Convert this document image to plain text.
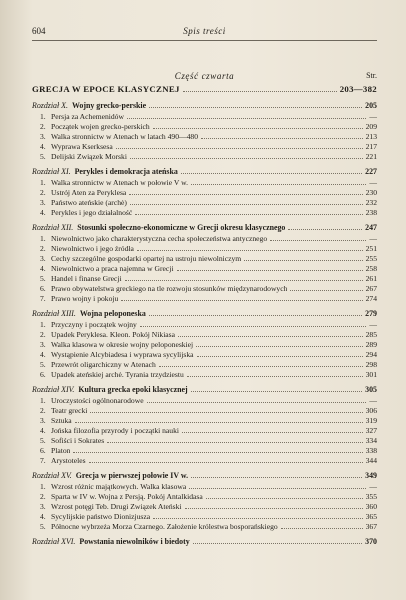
604	Spis treści
Część czwarta	Str.
GRECJA W EPOCE KLASYCZNEJ	203—382
Rozdział X. Wojny grecko-perskie	205
1. Persja za Achemenidów	—
2. Początek wojen grecko-perskich	209
3. Walka stronnictw w Atenach w latach 490—480	213
4. Wyprawa Kserksesa	217
5. Delijski Związek Morski	221
Rozdział XI. Perykles i demokracja ateńska	227
1. Walka stronnictw w Atenach w połowie V w.	—
2. Ustrój Aten za Peryklesa	230
3. Państwo ateńskie (archė)	232
4. Perykles i jego działalność	238
Rozdział XII. Stosunki społeczno-ekonomiczne w Grecji okresu klasycznego	247
1. Niewolnictwo jako charakterystyczna cecha społeczeństwa antycznego	—
2. Niewolnictwo i jego źródła	251
3. Cechy szczególne gospodarki opartej na ustroju niewolniczym	255
4. Niewolnictwo a praca najemna w Grecji	258
5. Handel i finanse Grecji	261
6. Prawo obywatelstwa greckiego na tle rozwoju stosunków międzynarodowych	267
7. Prawo wojny i pokoju	274
Rozdział XIII. Wojna peloponeska	279
1. Przyczyny i początek wojny	—
2. Upadek Peryklesa. Kleon. Pokój Nikiasa	285
3. Walka klasowa w okresie wojny peloponeskiej	289
4. Wystąpienie Alcybiadesa i wyprawa sycylijska	294
5. Przewrót oligarchiczny w Atenach	298
6. Upadek ateńskiej archė. Tyrania trzydziestu	301
Rozdział XIV. Kultura grecka epoki klasycznej	305
1. Uroczystości ogólnonarodowe	—
2. Teatr grecki	306
3. Sztuka	319
4. Jońska filozofia przyrody i początki nauki	327
5. Sofiści i Sokrates	334
6. Platon	338
7. Arystoteles	344
Rozdział XV. Grecja w pierwszej połowie IV w.	349
1. Wzrost różnic majątkowych. Walka klasowa	—
2. Sparta w IV w. Wojna z Persją. Pokój Antalkidasa	355
3. Wzrost potęgi Teb. Drugi Związek Ateński	360
4. Sycylijskie państwo Dionizjusza	365
5. Północne wybrzeża Morza Czarnego. Założenie królestwa bosporańskiego	367
Rozdział XVI. Powstania niewolników i biedoty	370
